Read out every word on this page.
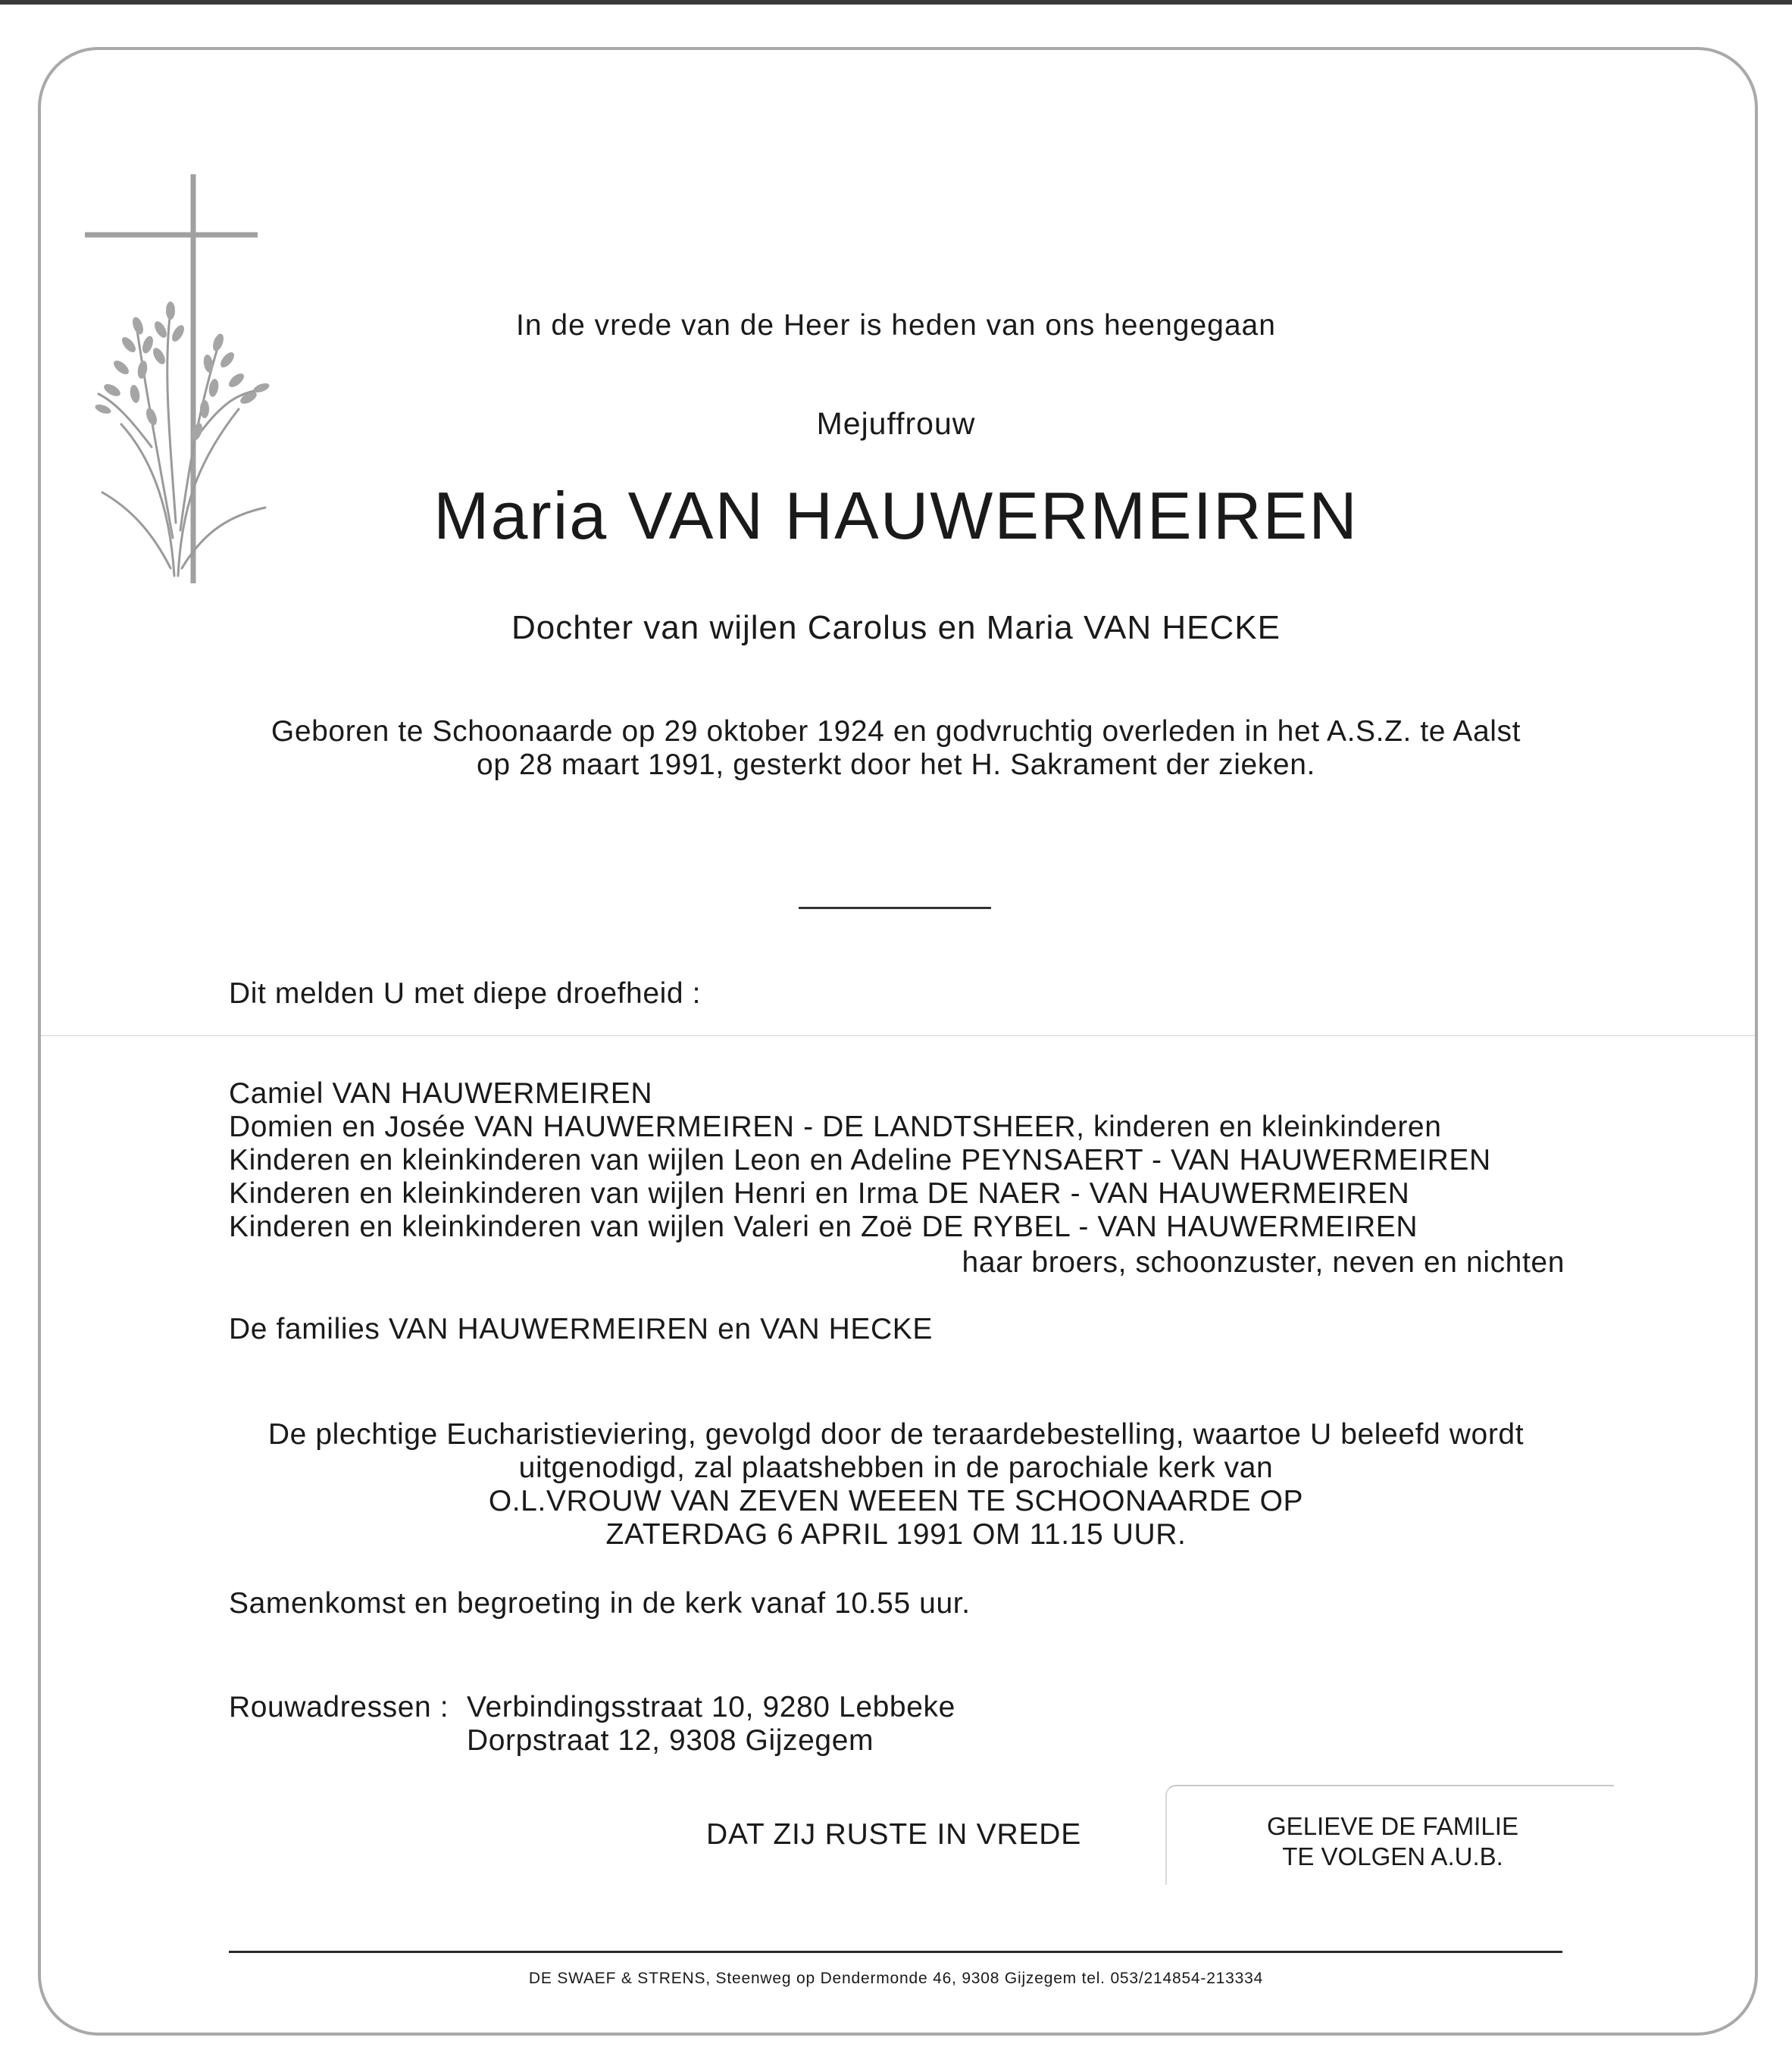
In de vrede van de Heer is heden van ons heengegaan
Mejuffrouw
Maria VAN HAUWERMEIREN
Dochter van wijlen Carolus en Maria VAN HECKE
Geboren te Schoonaarde op 29 oktober 1924 en godvruchtig overleden in het A.S.Z. te Aalst
op 28 maart 1991, gesterkt door het H. Sakrament der zieken.
Dit melden U met diepe droefheid :
Camiel VAN HAUWERMEIREN
Domien en Josée VAN HAUWERMEIREN - DE LANDTSHEER, kinderen en kleinkinderen
Kinderen en kleinkinderen van wijlen Leon en Adeline PEYNSAERT - VAN HAUWERMEIREN
Kinderen en kleinkinderen van wijlen Henri en Irma DE NAER - VAN HAUWERMEIREN
Kinderen en kleinkinderen van wijlen Valeri en Zoë DE RYBEL - VAN HAUWERMEIREN
haar broers, schoonzuster, neven en nichten
De families VAN HAUWERMEIREN en VAN HECKE
De plechtige Eucharistieviering, gevolgd door de teraardebestelling, waartoe U beleefd wordt
uitgenodigd, zal plaatshebben in de parochiale kerk van
O.L.VROUW VAN ZEVEN WEEEN TE SCHOONAARDE OP
ZATERDAG 6 APRIL 1991 OM 11.15 UUR.
Samenkomst en begroeting in de kerk vanaf 10.55 uur.
Rouwadressen : Verbindingsstraat 10, 9280 Lebbeke
Dorpstraat 12, 9308 Gijzegem
DAT ZIJ RUSTE IN VREDE	GELIEVE DE FAMILIE
TE VOLGEN A.U.B.
DE SWAEF & STRENS, Steenweg op Dendermonde 46, 9308 Gijzegem tel. 053/214854-213334
